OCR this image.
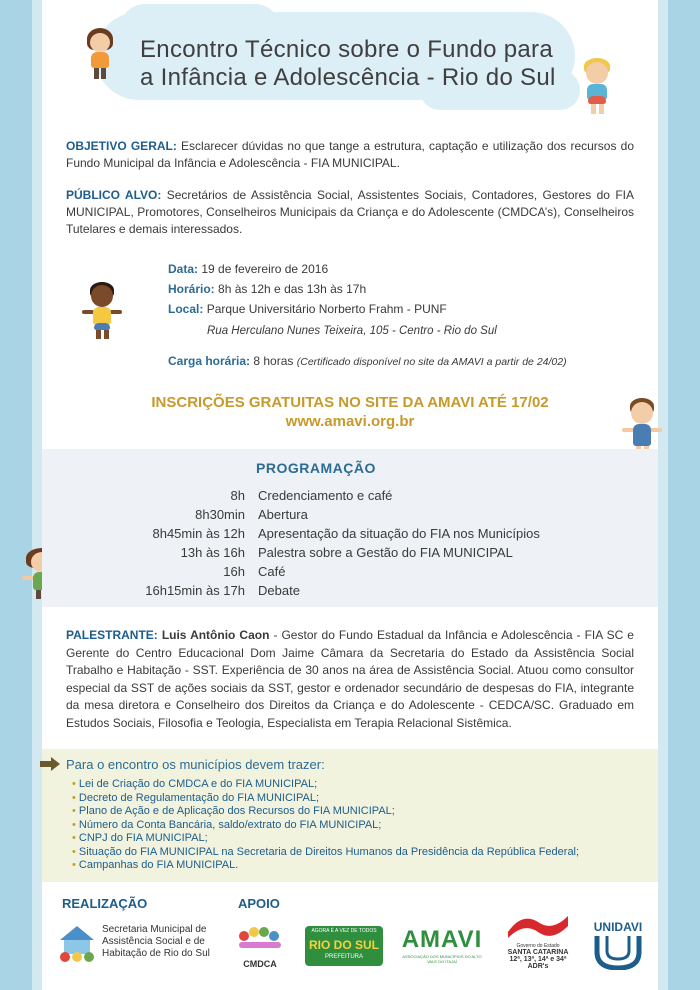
Encontro Técnico sobre o Fundo para
a Infância e Adolescência - Rio do Sul
OBJETIVO GERAL: Esclarecer dúvidas no que tange a estrutura, captação e utilização dos recursos do Fundo Municipal da Infância e Adolescência - FIA MUNICIPAL.
PÚBLICO ALVO: Secretários de Assistência Social, Assistentes Sociais, Contadores, Gestores do FIA MUNICIPAL, Promotores, Conselheiros Municipais da Criança e do Adolescente (CMDCA’s), Conselheiros Tutelares e demais interessados.
Data: 19 de fevereiro de 2016
Horário: 8h às 12h e das 13h às 17h
Local: Parque Universitário Norberto Frahm - PUNF
Rua Herculano Nunes Teixeira, 105 - Centro - Rio do Sul
Carga horária: 8 horas (Certificado disponível no site da AMAVI a partir de 24/02)
INSCRIÇÕES GRATUITAS NO SITE DA AMAVI ATÉ 17/02
www.amavi.org.br
PROGRAMAÇÃO
8h Credenciamento e café
8h30min Abertura
8h45min às 12h Apresentação da situação do FIA nos Municípios
13h às 16h Palestra sobre a Gestão do FIA MUNICIPAL
16h Café
16h15min às 17h Debate
PALESTRANTE: Luis Antônio Caon - Gestor do Fundo Estadual da Infância e Adolescência - FIA SC e Gerente do Centro Educacional Dom Jaime Câmara da Secretaria do Estado da Assistência Social Trabalho e Habitação - SST. Experiência de 30 anos na área de Assistência Social. Atuou como consultor especial da SST de ações sociais da SST, gestor e ordenador secundário de despesas do FIA, integrante da mesa diretora e Conselheiro dos Direitos da Criança e do Adolescente - CEDCA/SC. Graduado em Estudos Sociais, Filosofia e Teologia, Especialista em Terapia Relacional Sistêmica.
Para o encontro os municípios devem trazer:
• Lei de Criação do CMDCA e do FIA MUNICIPAL;
• Decreto de Regulamentação do FIA MUNICIPAL;
• Plano de Ação e de Aplicação dos Recursos do FIA MUNICIPAL;
• Número da Conta Bancária, saldo/extrato do FIA MUNICIPAL;
• CNPJ do FIA MUNICIPAL;
• Situação do FIA MUNICIPAL na Secretaria de Direitos Humanos da Presidência da República Federal;
• Campanhas do FIA MUNICIPAL.
REALIZAÇÃO	APOIO
Secretaria Municipal de Assistência Social e de Habitação de Rio do Sul
CMDCA
AGORA É A VEZ DE TODOS
RIO DO SUL
PREFEITURA
AMAVI
ASSOCIAÇÃO DOS MUNICÍPIOS DO ALTO VALE DO ITAJAÍ
Governo do Estado
SANTA CATARINA
12ª, 13ª, 14ª e 34ª
ADR's
UNIDAVI
